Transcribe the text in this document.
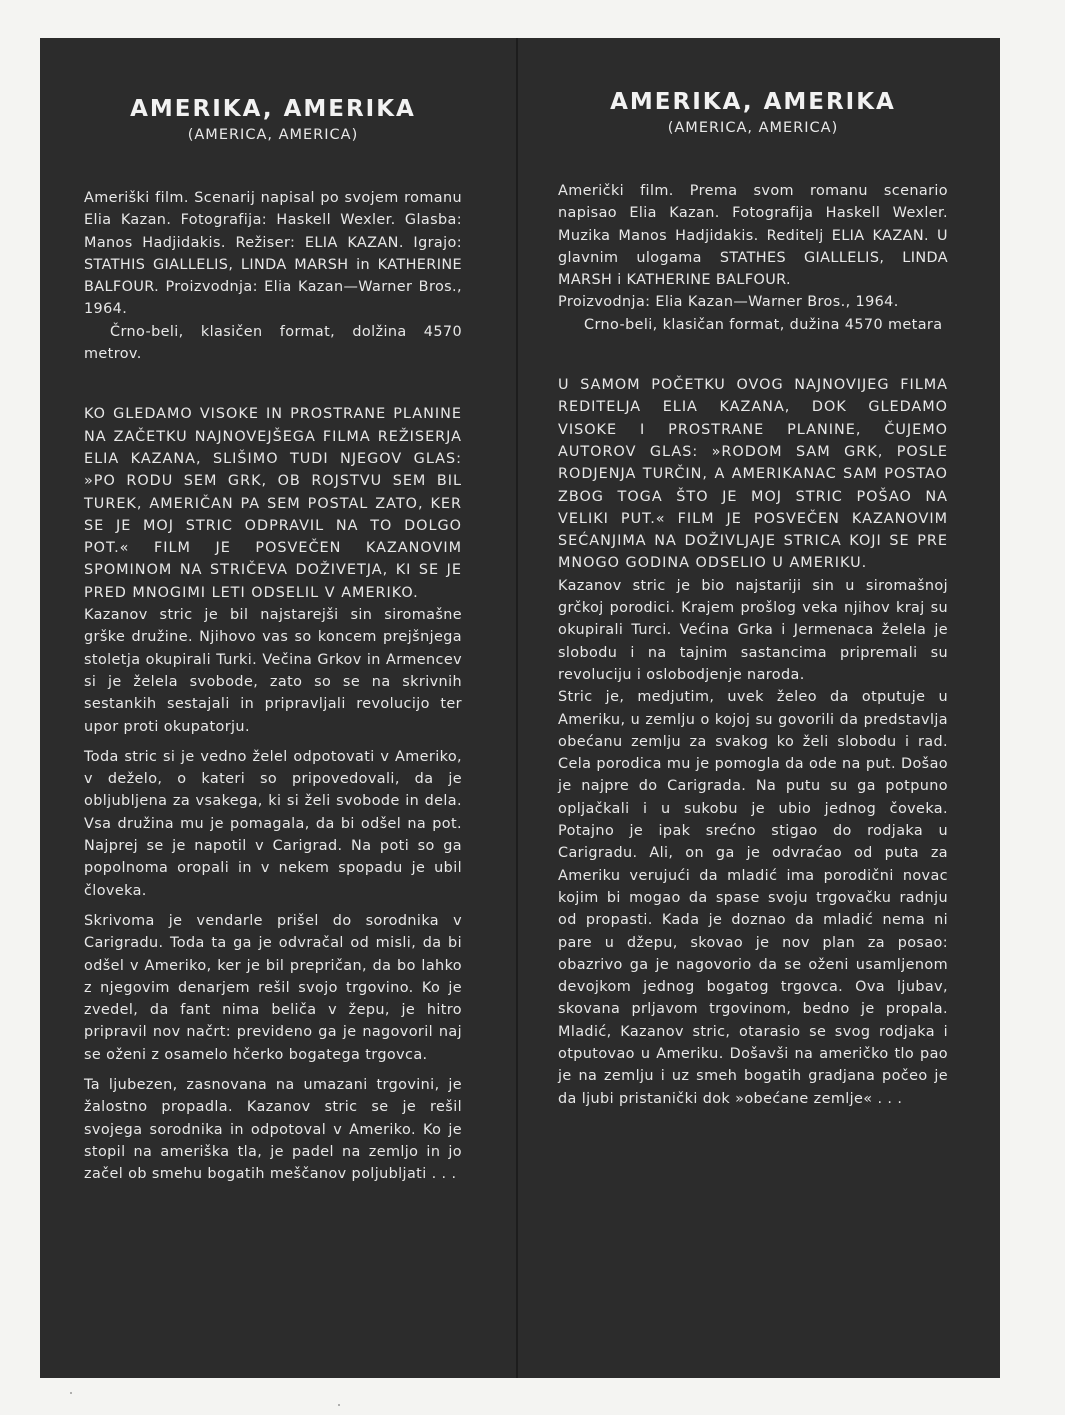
AMERIKA, AMERIKA
(AMERICA, AMERICA)

Ameriški film. Scenarij napisal po svojem romanu Elia Kazan. Fotografija: Haskell Wexler. Glasba: Manos Hadjidakis. Režiser: ELIA KAZAN. Igrajo: STATHIS GIALLELIS, LINDA MARSH in KATHERINE BALFOUR. Proizvodnja: Elia Kazan—Warner Bros., 1964.

Črno-beli, klasičen format, dolžina 4570 metrov.

KO GLEDAMO VISOKE IN PROSTRANE PLANINE NA ZAČETKU NAJNOVEJŠEGA FILMA REŽISERJA ELIA KAZANA, SLIŠIMO TUDI NJEGOV GLAS: »PO RODU SEM GRK, OB ROJSTVU SEM BIL TUREK, AMERIČAN PA SEM POSTAL ZATO, KER SE JE MOJ STRIC ODPRAVIL NA TO DOLGO POT.« FILM JE POSVEČEN KAZANOVIM SPOMINOM NA STRIČEVA DOŽIVETJA, KI SE JE PRED MNOGIMI LETI ODSELIL V AMERIKO.

Kazanov stric je bil najstarejši sin siromašne grške družine. Njihovo vas so koncem prejšnjega stoletja okupirali Turki. Večina Grkov in Armencev si je želela svobode, zato so se na skrivnih sestankih sestajali in pripravljali revolucijo ter upor proti okupatorju.

Toda stric si je vedno želel odpotovati v Ameriko, v deželo, o kateri so pripovedovali, da je obljubljena za vsakega, ki si želi svobode in dela. Vsa družina mu je pomagala, da bi odšel na pot. Najprej se je napotil v Carigrad. Na poti so ga popolnoma oropali in v nekem spopadu je ubil človeka.

Skrivoma je vendarle prišel do sorodnika v Carigradu. Toda ta ga je odvračal od misli, da bi odšel v Ameriko, ker je bil prepričan, da bo lahko z njegovim denarjem rešil svojo trgovino. Ko je zvedel, da fant nima beliča v žepu, je hitro pripravil nov načrt: prevideno ga je nagovoril naj se oženi z osamelo hčerko bogatega trgovca.

Ta ljubezen, zasnovana na umazani trgovini, je žalostno propadla. Kazanov stric se je rešil svojega sorodnika in odpotoval v Ameriko. Ko je stopil na ameriška tla, je padel na zemljo in jo začel ob smehu bogatih meščanov poljubljati . . .

AMERIKA, AMERIKA
(AMERICA, AMERICA)

Američki film. Prema svom romanu scenario napisao Elia Kazan. Fotografija Haskell Wexler. Muzika Manos Hadjidakis. Reditelj ELIA KAZAN. U glavnim ulogama STATHES GIALLELIS, LINDA MARSH i KATHERINE BALFOUR.

Proizvodnja: Elia Kazan—Warner Bros., 1964.

Crno-beli, klasičan format, dužina 4570 metara

U SAMOM POČETKU OVOG NAJNOVIJEG FILMA REDITELJA ELIA KAZANA, DOK GLEDAMO VISOKE I PROSTRANE PLANINE, ČUJEMO AUTOROV GLAS: »RODOM SAM GRK, POSLE RODJENJA TURČIN, A AMERIKANAC SAM POSTAO ZBOG TOGA ŠTO JE MOJ STRIC POŠAO NA VELIKI PUT.« FILM JE POSVEČEN KAZANOVIM SEĆANJIMA NA DOŽIVLJAJE STRICA KOJI SE PRE MNOGO GODINA ODSELIO U AMERIKU.

Kazanov stric je bio najstariji sin u siromašnoj grčkoj porodici. Krajem prošlog veka njihov kraj su okupirali Turci. Većina Grka i Jermenaca želela je slobodu i na tajnim sastancima pripremali su revoluciju i oslobodjenje naroda.

Stric je, medjutim, uvek želeo da otputuje u Ameriku, u zemlju o kojoj su govorili da predstavlja obećanu zemlju za svakog ko želi slobodu i rad. Cela porodica mu je pomogla da ode na put. Došao je najpre do Carigrada. Na putu su ga potpuno opljačkali i u sukobu je ubio jednog čoveka. Potajno je ipak srećno stigao do rodjaka u Carigradu. Ali, on ga je odvraćao od puta za Ameriku verujući da mladić ima porodični novac kojim bi mogao da spase svoju trgovačku radnju od propasti. Kada je doznao da mladić nema ni pare u džepu, skovao je nov plan za posao: obazrivo ga je nagovorio da se oženi usamljenom devojkom jednog bogatog trgovca. Ova ljubav, skovana prljavom trgovinom, bedno je propala. Mladić, Kazanov stric, otarasio se svog rodjaka i otputovao u Ameriku. Došavši na američko tlo pao je na zemlju i uz smeh bogatih gradjana počeo je da ljubi pristanički dok »obećane zemlje« . . .
